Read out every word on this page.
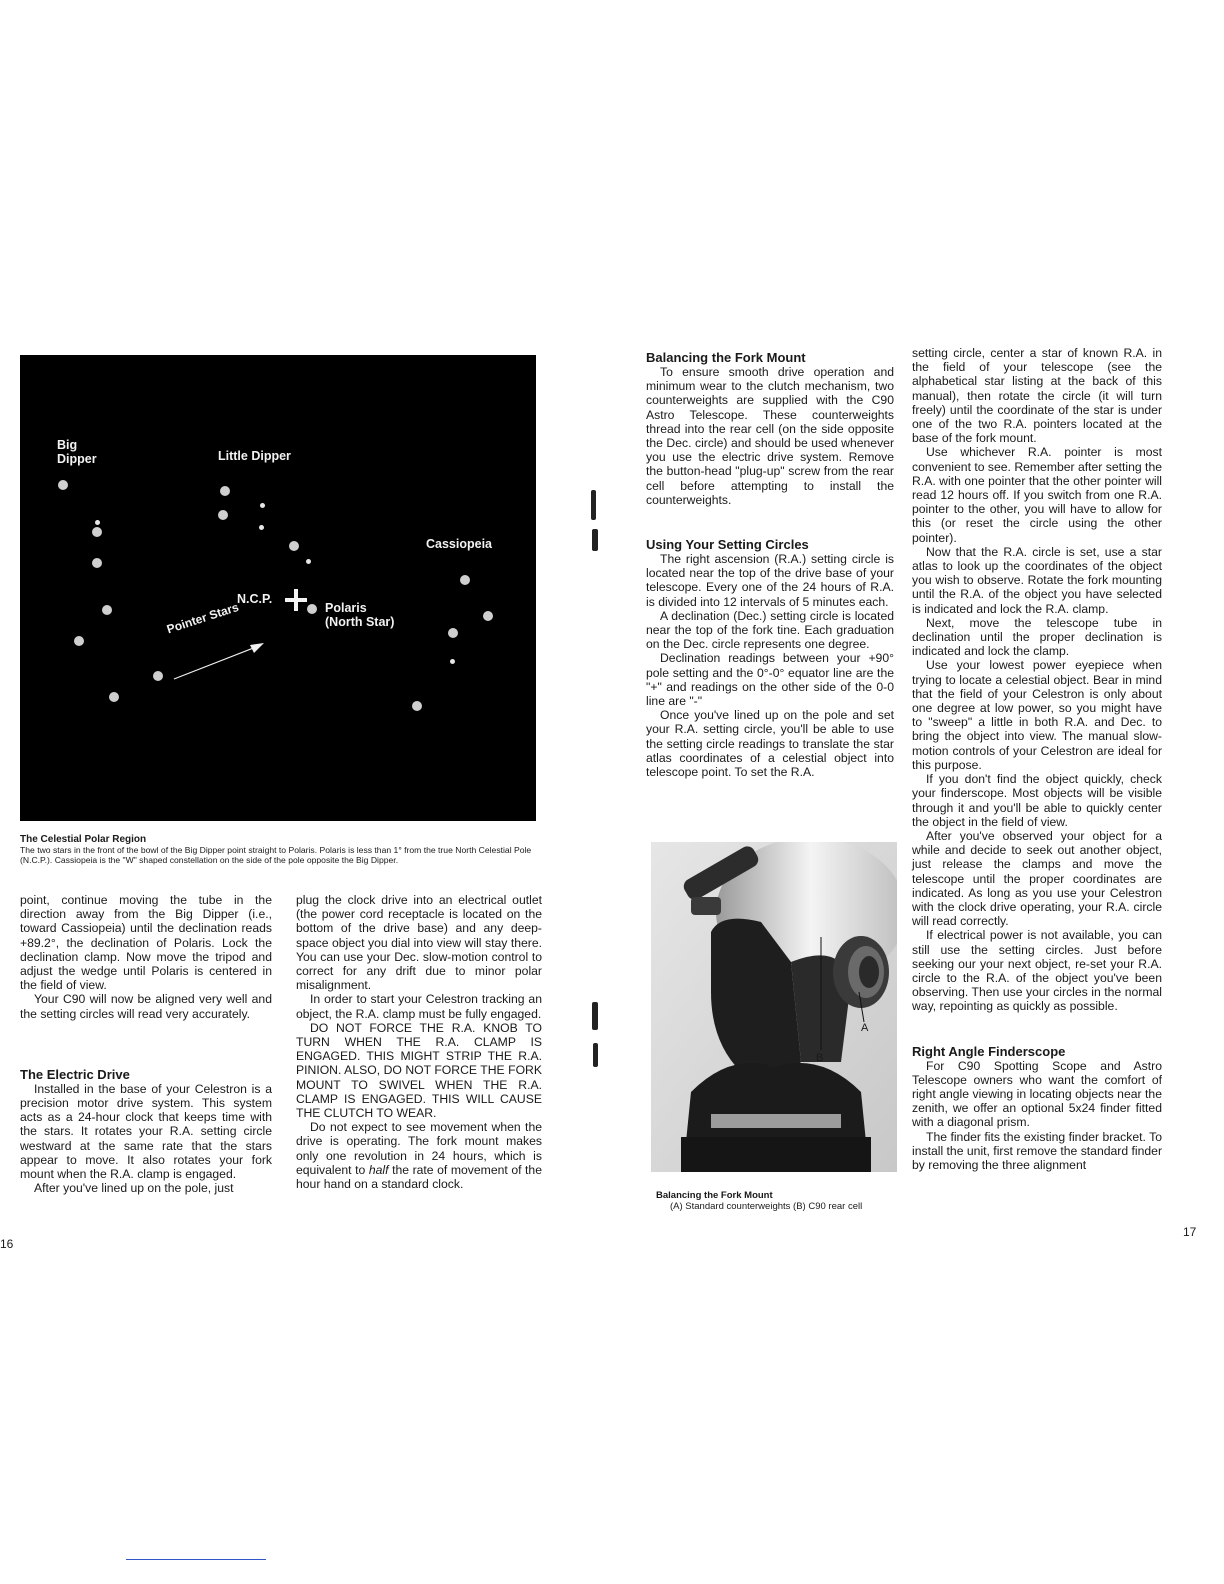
Big
Dipper	Little Dipper
N.C.P.
Polaris
(North Star)
Pointer Stars
Cassiopeia
The Celestial Polar Region
The two stars in the front of the bowl of the Big Dipper point straight to Polaris. Polaris is less than 1° from the true North Celestial Pole (N.C.P.). Cassiopeia is the "W" shaped constellation on the side of the pole opposite the Big Dipper.

point, continue moving the tube in the direction away from the Big Dipper (i.e., toward Cassiopeia) until the declination reads +89.2°, the declination of Polaris. Lock the declination clamp. Now move the tripod and adjust the wedge until Polaris is centered in the field of view.

Your C90 will now be aligned very well and the setting circles will read very accurately.

The Electric Drive

Installed in the base of your Celestron is a precision motor drive system. This system acts as a 24-hour clock that keeps time with the stars. It rotates your R.A. setting circle westward at the same rate that the stars appear to move. It also rotates your fork mount when the R.A. clamp is engaged.

After you've lined up on the pole, just

plug the clock drive into an electrical outlet (the power cord receptacle is located on the bottom of the drive base) and any deep-space object you dial into view will stay there. You can use your Dec. slow-motion control to correct for any drift due to minor polar misalignment.

In order to start your Celestron tracking an object, the R.A. clamp must be fully engaged.

DO NOT FORCE THE R.A. KNOB TO TURN WHEN THE R.A. CLAMP IS ENGAGED. THIS MIGHT STRIP THE R.A. PINION. ALSO, DO NOT FORCE THE FORK MOUNT TO SWIVEL WHEN THE R.A. CLAMP IS ENGAGED. THIS WILL CAUSE THE CLUTCH TO WEAR.

Do not expect to see movement when the drive is operating. The fork mount makes only one revolution in 24 hours, which is equivalent to half the rate of movement of the hour hand on a standard clock.

16
Balancing the Fork Mount

To ensure smooth drive operation and minimum wear to the clutch mechanism, two counterweights are supplied with the C90 Astro Telescope. These counterweights thread into the rear cell (on the side opposite the Dec. circle) and should be used whenever you use the electric drive system. Remove the button-head "plug-up" screw from the rear cell before attempting to install the counterweights.

Using Your Setting Circles

The right ascension (R.A.) setting circle is located near the top of the drive base of your telescope. Every one of the 24 hours of R.A. is divided into 12 intervals of 5 minutes each.

A declination (Dec.) setting circle is located near the top of the fork tine. Each graduation on the Dec. circle represents one degree.

Declination readings between your +90° pole setting and the 0°-0° equator line are the "+" and readings on the other side of the 0-0 line are "-"

Once you've lined up on the pole and set your R.A. setting circle, you'll be able to use the setting circle readings to translate the star atlas coordinates of a celestial object into telescope point. To set the R.A.

setting circle, center a star of known R.A. in the field of your telescope (see the alphabetical star listing at the back of this manual), then rotate the circle (it will turn freely) until the coordinate of the star is under one of the two R.A. pointers located at the base of the fork mount.

Use whichever R.A. pointer is most convenient to see. Remember after setting the R.A. with one pointer that the other pointer will read 12 hours off. If you switch from one R.A. pointer to the other, you will have to allow for this (or reset the circle using the other pointer).

Now that the R.A. circle is set, use a star atlas to look up the coordinates of the object you wish to observe. Rotate the fork mounting until the R.A. of the object you have selected is indicated and lock the R.A. clamp.

Next, move the telescope tube in declination until the proper declination is indicated and lock the clamp.

Use your lowest power eyepiece when trying to locate a celestial object. Bear in mind that the field of your Celestron is only about one degree at low power, so you might have to "sweep" a little in both R.A. and Dec. to bring the object into view. The manual slow-motion controls of your Celestron are ideal for this purpose.

If you don't find the object quickly, check your finderscope. Most objects will be visible through it and you'll be able to quickly center the object in the field of view.

After you've observed your object for a while and decide to seek out another object, just release the clamps and move the telescope until the proper coordinates are indicated. As long as you use your Celestron with the clock drive operating, your R.A. circle will read correctly.

If electrical power is not available, you can still use the setting circles. Just before seeking our your next object, re-set your R.A. circle to the R.A. of the object you've been observing. Then use your circles in the normal way, repointing as quickly as possible.

Right Angle Finderscope

For C90 Spotting Scope and Astro Telescope owners who want the comfort of right angle viewing in locating objects near the zenith, we offer an optional 5x24 finder fitted with a diagonal prism.

The finder fits the existing finder bracket. To install the unit, first remove the standard finder by removing the three alignment

A
B
Balancing the Fork Mount
(A) Standard counterweights (B) C90 rear cell
17
